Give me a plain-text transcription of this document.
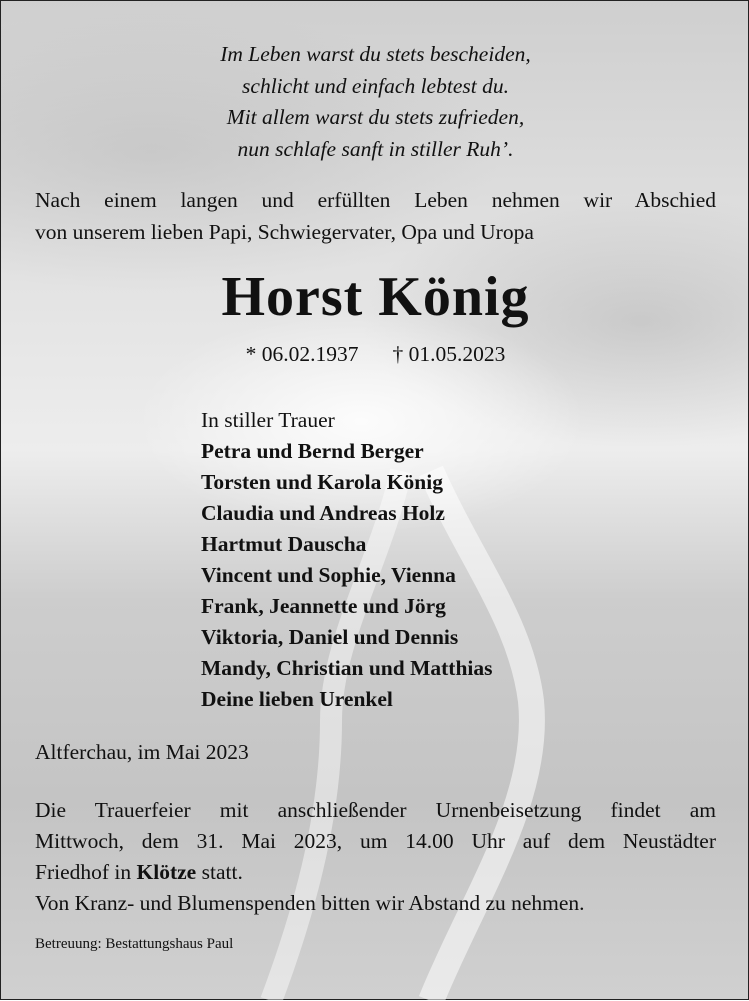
Im Leben warst du stets bescheiden,
schlicht und einfach lebtest du.
Mit allem warst du stets zufrieden,
nun schlafe sanft in stiller Ruh’.
Nach einem langen und erfüllten Leben nehmen wir Abschied
von unserem lieben Papi, Schwiegervater, Opa und Uropa
Horst König
* 06.02.1937 † 01.05.2023
In stiller Trauer
Petra und Bernd Berger
Torsten und Karola König
Claudia und Andreas Holz
Hartmut Dauscha
Vincent und Sophie, Vienna
Frank, Jeannette und Jörg
Viktoria, Daniel und Dennis
Mandy, Christian und Matthias
Deine lieben Urenkel
Altferchau, im Mai 2023
Die Trauerfeier mit anschließender Urnenbeisetzung findet am
Mittwoch, dem 31. Mai 2023, um 14.00 Uhr auf dem Neustädter
Friedhof in Klötze statt.
Von Kranz- und Blumenspenden bitten wir Abstand zu nehmen.
Betreuung: Bestattungshaus Paul
